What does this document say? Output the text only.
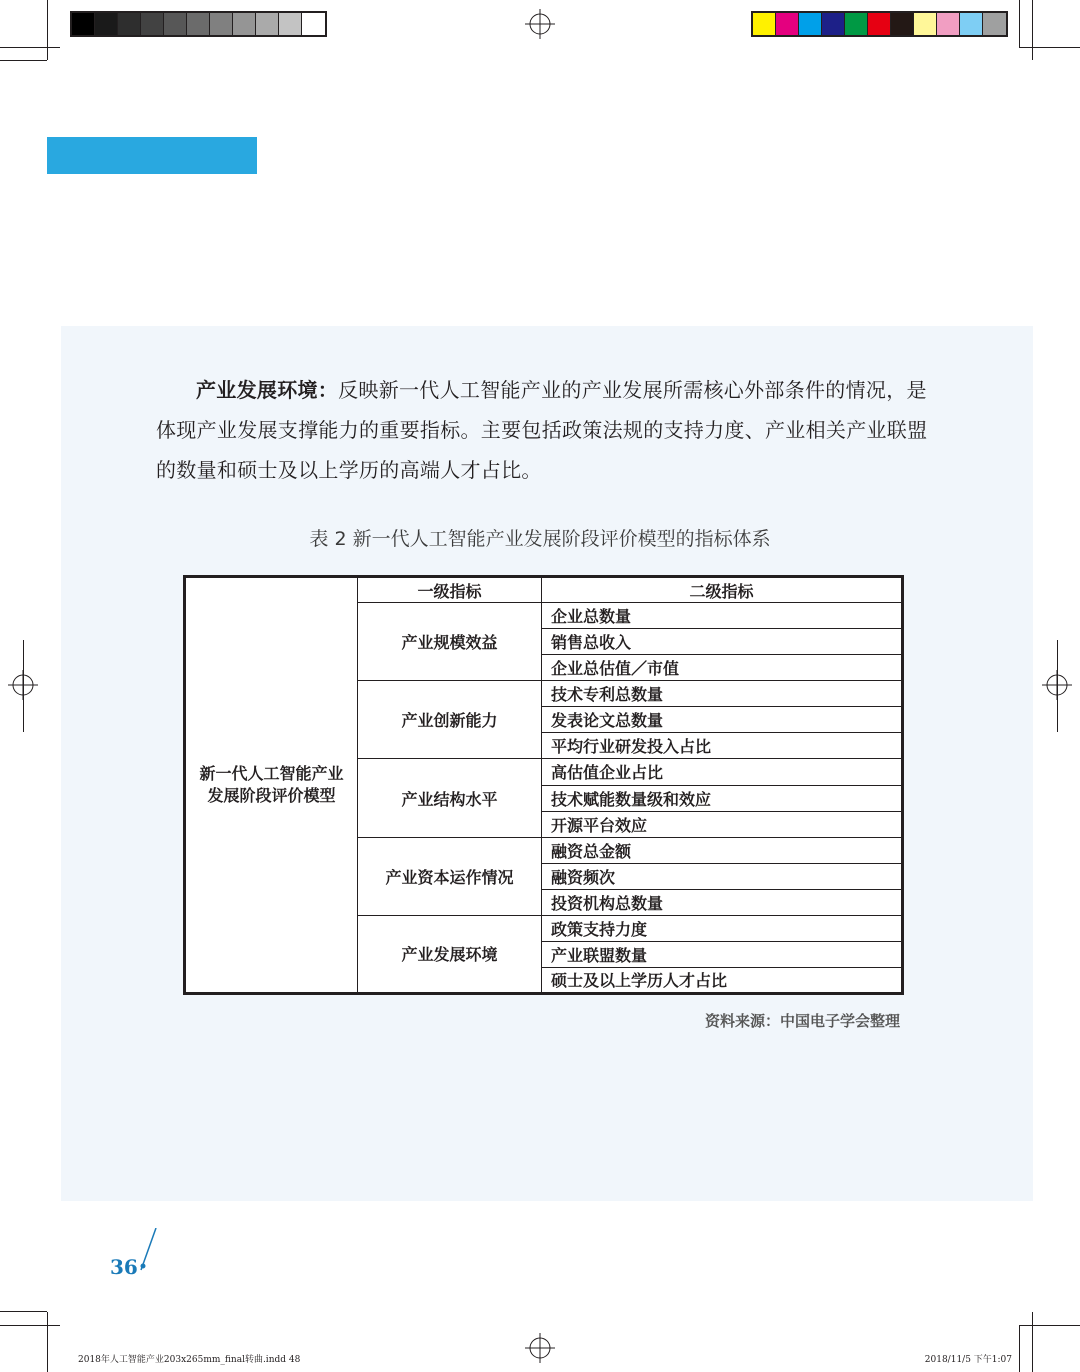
产业发展环境：反映新一代人工智能产业的产业发展所需核心外部条件的情况，是体现产业发展支撑能力的重要指标。主要包括政策法规的支持力度、产业相关产业联盟的数量和硕士及以上学历的高端人才占比。

表 2 新一代人工智能产业发展阶段评价模型的指标体系
新一代人工智能产业
发展阶段评价模型	一级指标	二级指标
	产业规模效益	企业总数量
		销售总收入
		企业总估值／市值
	产业创新能力	技术专利总数量
		发表论文总数量
		平均行业研发投入占比
	产业结构水平	高估值企业占比
		技术赋能数量级和效应
		开源平台效应
	产业资本运作情况	融资总金额
		融资频次
		投资机构总数量
	产业发展环境	政策支持力度
		产业联盟数量
		硕士及以上学历人才占比
资料来源：中国电子学会整理
36
2018年人工智能产业203x265mm_final转曲.indd 48	2018/11/5 下午1:07
